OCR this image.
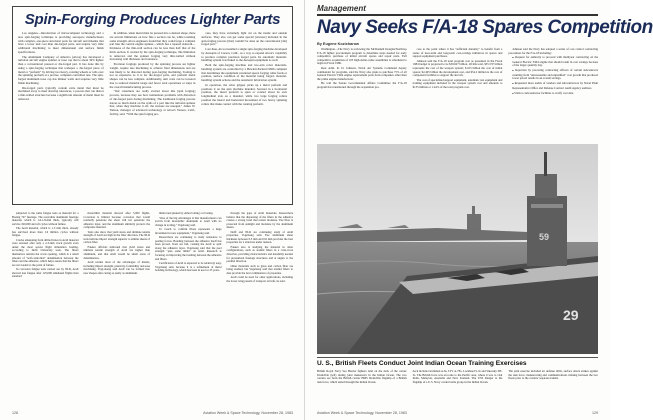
Spin-Forging Produces Lighter Parts

Los Angeles—Introduction of microcomputer technology and a new spin-forging technique is providing aerospace manufacturers with complex, one-piece structural parts for aircraft and missiles that have a lower unit cost than die-forged parts, and require very little additional machining to meet dimensional and surface finish specifications.

The Aluminum Company of America (Alcoa) has developed a turbofan aircraft engine spinner or nose cap that is about 30% lighter than a conventional pressed or die-forged part. It has done this by using a spin-forging technique that reshapes a die-forged piece of metal or "preform" by driving two heavy, rotating wheels or rolls over the spinning preform at a precise, computer-controlled rate. The spin-forged aluminum nose cap has thinner walls and requires very little finish machining.

Die-forged parts typically contain extra metal that must be machined away to meet drawing tolerances, a process that can distort a thin-walled structure because a significant amount of metal must be removed.

In addition, when metal must be pressed into a desired shape, there are several limitations on how fine a section can be, while retaining some strength. Alcoa engineers found that they could forge a complex part like the conical engine spinner—which has a tapered sidewall—thickness of the thin-wall section can be less than half that of the thick section. It created by the spin-forging technique, this limitation is removed, and the spinner forging very thin-walled without increasing wall thickness and tolerance.

Precision forgings produced by the spinning process are lighter weight, require less machining to achieve final dimensions and are less likely to be distorted during post-forging machining. Tooling is not as expensive as it is for die-forged parts, and preform metal shapes can be less complex. Additionally, unit costs can be lowered due to reduced material usage and fewer total operations or steps in the overall manufacturing process.

"Our customers are really excited about this [spin forging] process, because they see how tremendous problems with distortion of die-forged parts during machining. The traditional forging process leaves so much metal on the walls of a part like the turbofan spinner that, when they machine it off, the stresses are unequal," James W. Nelson, manager of advanced technology at Alcoa's Vernon, Calif., facility, said. "With the spin forging pro-

cess, they have extremely light cut on the inside and outside surfaces. They also can get some special [stresses] included in the spin-forging process [that] couldn't be done on the conventional [die] forged part."

Last June, Alcoa installed a single spin-forging machine developed by Autospin of Carson, Calif., as a way to expand Alcoa's capability to produce complex precision forged parts. Its automatic material-handling system was linked to the Autospin equipment as well.

Both the spin-forging machine and two-axis robot materials-handling system are controlled by a Hewlett-Packard 9826 computer that determines the equipment rotational speed, forging roller feeds or position, surface condition of the material being forged, material-handling system actions and the automatic lubrication system.

In operation, the robot gripper picks up a metal preform and positions it on the spin machine mandrel. Secured in a horizontal position, the metal preform is spun or rotated about its own longitudinal axis on a mandrel, while two large forging rollers position the lateral and horizontal movement of two heavy spinning rollers that make contact with the rotating preform.

subjected to the same fatigue tests as material for a Boeing 747 fuselage. The reversible aluminum fuselage material, which is 1.6-1.8-mm thick, typically will survive 190,000 aircraft cycles without failure.

The Arall material, which is 1.3 mm thick, already has survived more than 1.9 million cycles without fatigue.

Cracks emanating from drilled holes in Arall material were arrested after only a 2-3-mm crack growth even under the most severe flight simulation loading, according to Delft University tests. The fibers themselves restrain the crack opening, which is a small amount of "self-controlled" delamination between the fibers and the adhesive, which helps assure that the fibers are not loaded to the point of failure.

In corrosion fatigue tests carried out by NLR, Arall showed less fatigue after 125,000 simulated flights than standard

monolithic material showed after 5,000 flights. Corrosion is limited because corrosion that would normally penetrate the sheet will not penetrate the adhesive layer, and the aluminum similarly protects the composite material.

Tests also show that yield stress and ultimate tensile strength of Arall are high in the fiber direction. The NLR tests indicate impact strength superior to similar sheets of carbon fiber.

Fokker officials indicated that yield stress and ultimate tensile strength of Arall are higher than aluminum, and that Arall would be small areas of delamination.

Arall retains most of the advantages of metals, including impact strength, plasticity, formability and ease machining. Yogi-sheng said Arall can be formed into new shapes after curing as easily as aluminum.

milled and pinned by either bolting or riveting.

"One of the big advantages is that manufacturers can switch from monolithic aluminum to Arall with no change in tooling," Vogelsang said.

To vouch to confirm fibers represents a huge investment in new equipment," Vogelsang said.

Researchers are continuing to study resistance to peeling forces. Bonding between the adhesive itself has been proved. Tests are full, causing the Arall to split along the adhesive layer. Vogelsang said that the peel strength "puts some limits" on Arall. Research is focusing on improving the bonding between the adhesive and fibers.

Certification of Arall is expected to be relatively easy, Vogelsang said, because it is a refinement of metal bonding technology, which has been in use for 25 years.

through the gaps of Arall materials. Researchers believe that the dispersing of the fibers in the adhesive creates a strong bond that resists moisture. The fiber is protected from sunlight and moisture by the aluminum sheets.

Delft and NLR are continuing study of Arall properties. Vogelsang said. The aluminum sheet thickness between 0.3 mm and 0.6 mm provides the best properties for a structure under tension.

Fokker also is studying the material in other configurations, such as aramid fibers in a criss-cross direction, providing characteristics and durability needed for pressurized fuselage structures and at angles to the parallel direction.

Other materials such as glass and carbon fiber are being studied, but Vogelsang said that aramid fibers to date provide the best combination of properties.

Arall could be used for other applications, including the lower wing panels of transport aircraft, he said.

128	Aviation Week & Space Technology, November 28, 1983
Management
Navy Seeks F/A-18 Spares Competition
By Eugene Kozicharow

Washington—The Navy is reviewing the McDonnell Douglas/Northrop F/A-18 fighter procurement program to determine steps needed for early competitive purchase of initial aircraft spares and repair parts. Full competitive acquisition of 105 high-dollar-value assemblies is scheduled to begin in Fiscal 1986.

Rear Adm. R. D. Johnson, Naval Air Systems Command deputy commander for programs, said the Navy also plans to purchase 75% of all General Electric F404 engine replacement parts from companies other than the prime engine manufacturer.

He told the Senate Governmental Affairs Committee the F/A-18 program has transitioned through the acquisition pro-

cess to the point where it has "sufficient maturity" to benefit from a series of near-term and long-term cost-savings initiatives in spares and support equipment purchases.

Johnson said the F/A-18 total program cost as presented in the Fiscal 1984 budget is projected to be $39.627 billion. Of this total, $35.537 billion represents the cost of the weapon system; $1.03 billion the cost of initial spares; $2.405 billion the development cost, and $54.2 million is the cost of component facilities to support the aircraft.

The cost of specialized support equipment, automatic test equipment and training equipment included in the weapon system cost and amounts to $135 million or 1.44% of the total program cost.

Johnson said the Navy has adopted a series of cost control contracting procedures for the F/A-18 including:

■ Request for authority to proceed with multiyear contracting on the General Electric F404 engine that should result in cost savings because of the larger quantity buy.
■ Rejection by procuring contracting officers of certain subcontracts resulting from "unreasonable and unjustified" cost growth that produced lower priced results in an overall savings.
■ Requested more audits of vendors and subcontractors by Naval Plant Representative Office and Defense Contract Audit Agency auditors.
■ Visits to subcontractor facilities to verify cost data.
29
59
U. S., British Fleets Conduct Joint Indian Ocean Training Exercises

British Royal Navy Sea Harrier fighters land on the deck of the carrier Invincible (left) during joint maneuvers in the Indian Ocean. The two carriers are from the British carrier HMS Invincible flagship of a British task force, which sailed through the Indian Ocean.

deck include Grumman A-6s, LTV A-7Es, Lockheed S-3s and Sikorsky SH-3s. The British force was en route to the Pacific area, where it was to visit India, Malaysia, Australia and New Zealand. The USS Ranger is the flagship of a U.S. Navy carrier battle group in the Indian Ocean.

The joint exercise included air defense drills, surface attack strikes against the task force, maneuvering and communications training between the two fleets prior to the carriers' separate transits.

Aviation Week & Space Technology, November 28, 1983	129
